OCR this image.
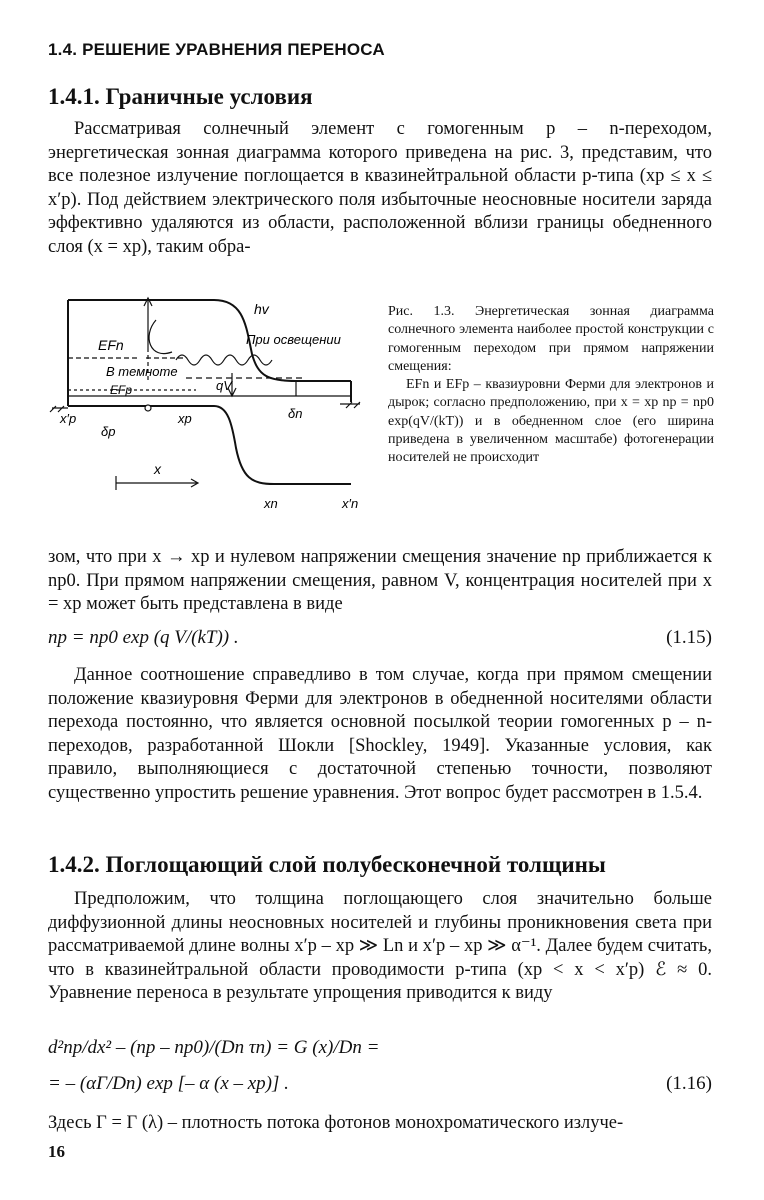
1.4. РЕШЕНИЕ УРАВНЕНИЯ ПЕРЕНОСА
1.4.1. Граничные условия

Рассматривая солнечный элемент с гомогенным p – n-переходом, энергетическая зонная диаграмма которого приведена на рис. 3, представим, что все полезное излучение поглощается в квазинейтральной области p-типа (xp ≤ x ≤ x′p). Под действием электрического поля избыточные неосновные носители заряда эффективно удаляются из области, расположенной вблизи границы обедненного слоя (x = xp), таким обра-

EFn
hv
При освещении
В темноте
EFp	qV
x′p	xp
δp
δn
x
xn	x′n

Рис. 1.3. Энергетическая зонная диаграмма солнечного элемента наиболее простой конструкции с гомогенным переходом при прямом напряжении смещения:

EFn и EFp – квазиуровни Ферми для электронов и дырок; согласно предположению, при x = xp np = np0 exp(qV/(kT)) и в обедненном слое (его ширина приведена в увеличенном масштабе) фотогенерации носителей не происходит

зом, что при x → xp и нулевом напряжении смещения значение np приближается к np0. При прямом напряжении смещения, равном V, концентрация носителей при x = xp может быть представлена в виде

np = np0 exp (q V/(kT)) .	(1.15)

Данное соотношение справедливо в том случае, когда при прямом смещении положение квазиуровня Ферми для электронов в обедненной носителями области перехода постоянно, что является основной посылкой теории гомогенных p – n-переходов, разработанной Шокли [Shockley, 1949]. Указанные условия, как правило, выполняющиеся с достаточной степенью точности, позволяют существенно упростить решение уравнения. Этот вопрос будет рассмотрен в 1.5.4.

1.4.2. Поглощающий слой полубесконечной толщины

Предположим, что толщина поглощающего слоя значительно больше диффузионной длины неосновных носителей и глубины проникновения света при рассматриваемой длине волны x′p – xp ≫ Ln и x′p – xp ≫ α⁻¹. Далее будем считать, что в квазинейтральной области проводимости p-типа (xp < x < x′p) ℰ ≈ 0. Уравнение переноса в результате упрощения приводится к виду

d²np/dx² – (np – np0)/(Dn τn) = G (x)/Dn =
= – (αΓ/Dn) exp [– α (x – xp)] .	(1.16)

Здесь Γ = Γ (λ) – плотность потока фотонов монохроматического излуче-

16
